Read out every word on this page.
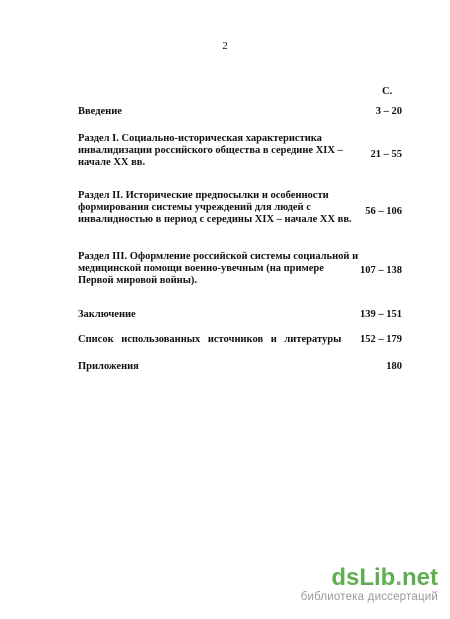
2
С.
Введение	3 – 20
Раздел I. Социально-историческая характеристика инвалидизации российского общества в середине XIX – начале XX вв.
21 – 55
Раздел II. Исторические предпосылки и особенности формирования системы учреждений для людей с инвалидностью в период с середины XIX – начале XX вв.
56 – 106
Раздел III. Оформление российской системы социальной и медицинской помощи военно-увечным (на примере Первой мировой войны).
107 – 138
Заключение	139 – 151
Список использованных источников и литературы	152 – 179
Приложения	180
dsLib.net
библиотека диссертаций
